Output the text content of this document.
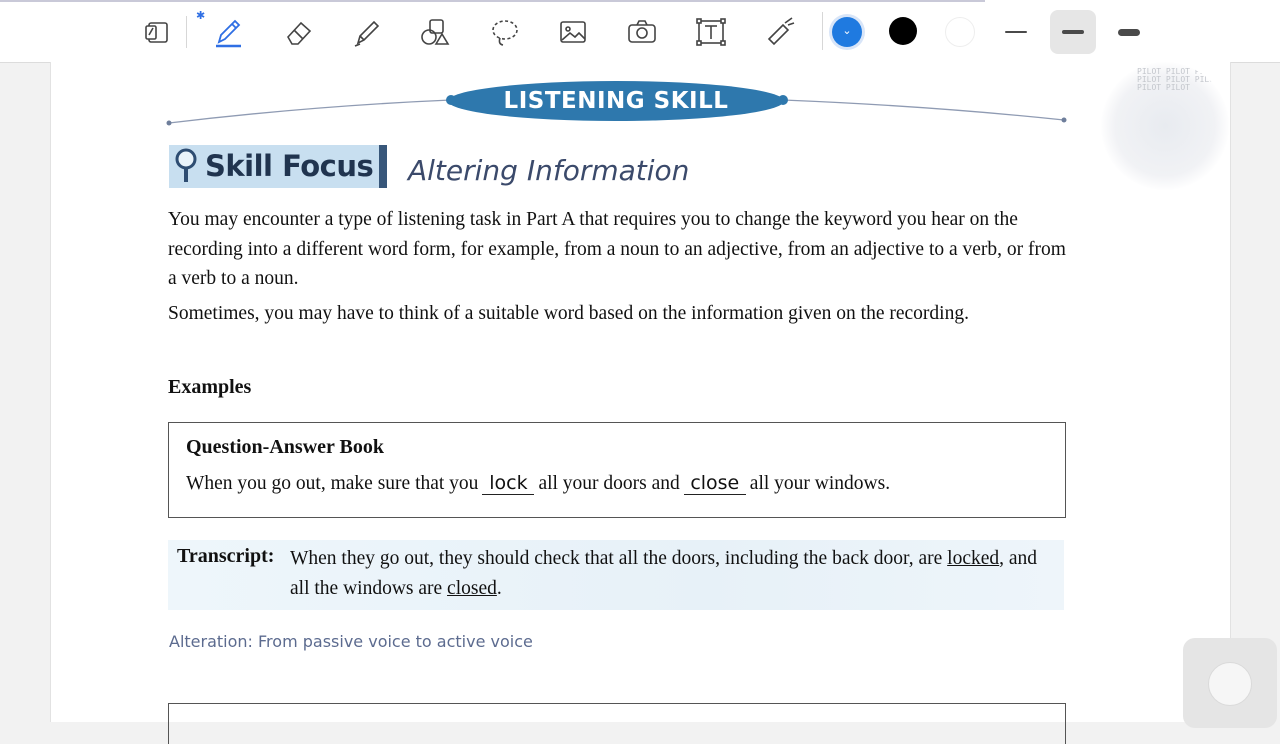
✱
⌄
LISTENING SKILL
PILOT PILOT PILOT PILOT PILOT PILOT PILOT PILOT
Skill Focus Altering Information
You may encounter a type of listening task in Part A that requires you to change the keyword you hear on the recording into a different word form, for example, from a noun to an adjective, from an adjective to a verb, or from a verb to a noun.
Sometimes, you may have to think of a suitable word based on the information given on the recording.
Examples
Question-Answer Book
When you go out, make sure that you lock all your doors and close all your windows.
Transcript: When they go out, they should check that all the doors, including the back door, are locked, and all the windows are closed.
Alteration: From passive voice to active voice
